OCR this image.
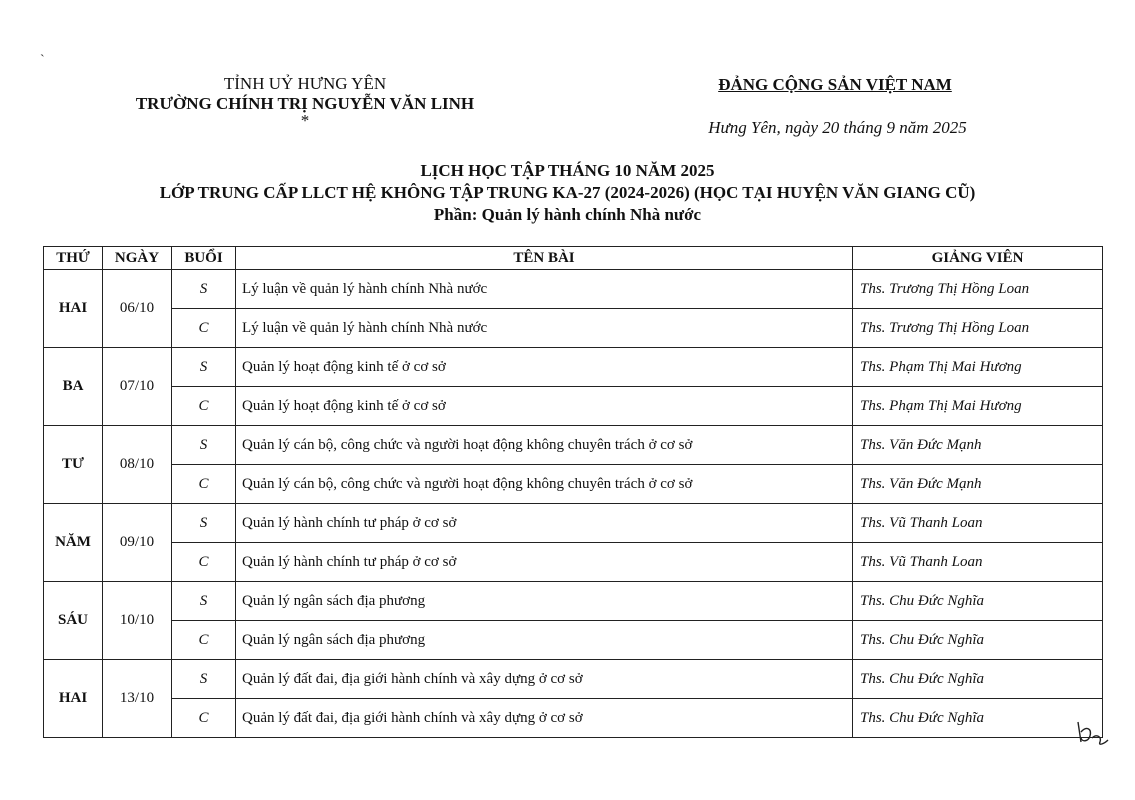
`
TỈNH UỶ HƯNG YÊN
TRƯỜNG CHÍNH TRỊ NGUYỄN VĂN LINH
*
ĐẢNG CỘNG SẢN VIỆT NAM
Hưng Yên, ngày 20 tháng 9 năm 2025
LỊCH HỌC TẬP THÁNG 10 NĂM 2025
LỚP TRUNG CẤP LLCT HỆ KHÔNG TẬP TRUNG KA-27 (2024-2026) (HỌC TẠI HUYỆN VĂN GIANG CŨ)
Phần: Quản lý hành chính Nhà nước
THỨ	NGÀY	BUỔI	TÊN BÀI	GIẢNG VIÊN
HAI	06/10	S	Lý luận về quản lý hành chính Nhà nước	Ths. Trương Thị Hồng Loan
		C	Lý luận về quản lý hành chính Nhà nước	Ths. Trương Thị Hồng Loan
BA	07/10	S	Quản lý hoạt động kinh tế ở cơ sở	Ths. Phạm Thị Mai Hương
		C	Quản lý hoạt động kinh tế ở cơ sở	Ths. Phạm Thị Mai Hương
TƯ	08/10	S	Quản lý cán bộ, công chức và người hoạt động không chuyên trách ở cơ sở	Ths. Văn Đức Mạnh
		C	Quản lý cán bộ, công chức và người hoạt động không chuyên trách ở cơ sở	Ths. Văn Đức Mạnh
NĂM	09/10	S	Quản lý hành chính tư pháp ở cơ sở	Ths. Vũ Thanh Loan
		C	Quản lý hành chính tư pháp ở cơ sở	Ths. Vũ Thanh Loan
SÁU	10/10	S	Quản lý ngân sách địa phương	Ths. Chu Đức Nghĩa
		C	Quản lý ngân sách địa phương	Ths. Chu Đức Nghĩa
HAI	13/10	S	Quản lý đất đai, địa giới hành chính và xây dựng ở cơ sở	Ths. Chu Đức Nghĩa
		C	Quản lý đất đai, địa giới hành chính và xây dựng ở cơ sở	Ths. Chu Đức Nghĩa
